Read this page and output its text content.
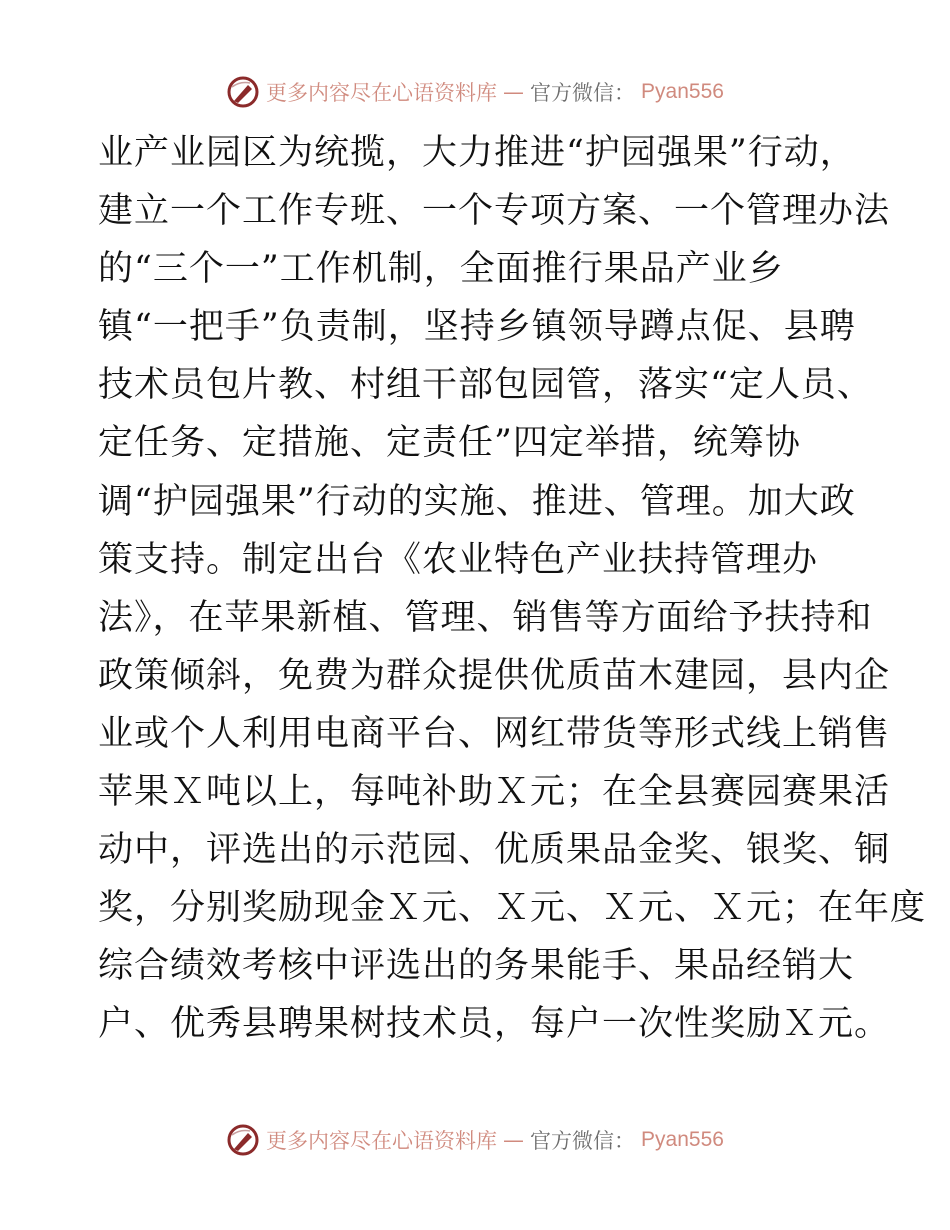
更多内容尽在心语资料库 — 官方微信： Pyan556
业产业园区为统揽，大力推进“护园强果”行动，
建立一个工作专班、一个专项方案、一个管理办法
的“三个一”工作机制，全面推行果品产业乡
镇“一把手”负责制，坚持乡镇领导蹲点促、县聘
技术员包片教、村组干部包园管，落实“定人员、
定任务、定措施、定责任”四定举措，统筹协
调“护园强果”行动的实施、推进、管理。加大政
策支持。制定出台《农业特色产业扶持管理办
法》，在苹果新植、管理、销售等方面给予扶持和
政策倾斜，免费为群众提供优质苗木建园，县内企
业或个人利用电商平台、网红带货等形式线上销售
苹果Ｘ吨以上，每吨补助Ｘ元；在全县赛园赛果活
动中，评选出的示范园、优质果品金奖、银奖、铜
奖，分别奖励现金Ｘ元、Ｘ元、Ｘ元、Ｘ元；在年度
综合绩效考核中评选出的务果能手、果品经销大
户、优秀县聘果树技术员，每户一次性奖励Ｘ元。
更多内容尽在心语资料库 — 官方微信： Pyan556
